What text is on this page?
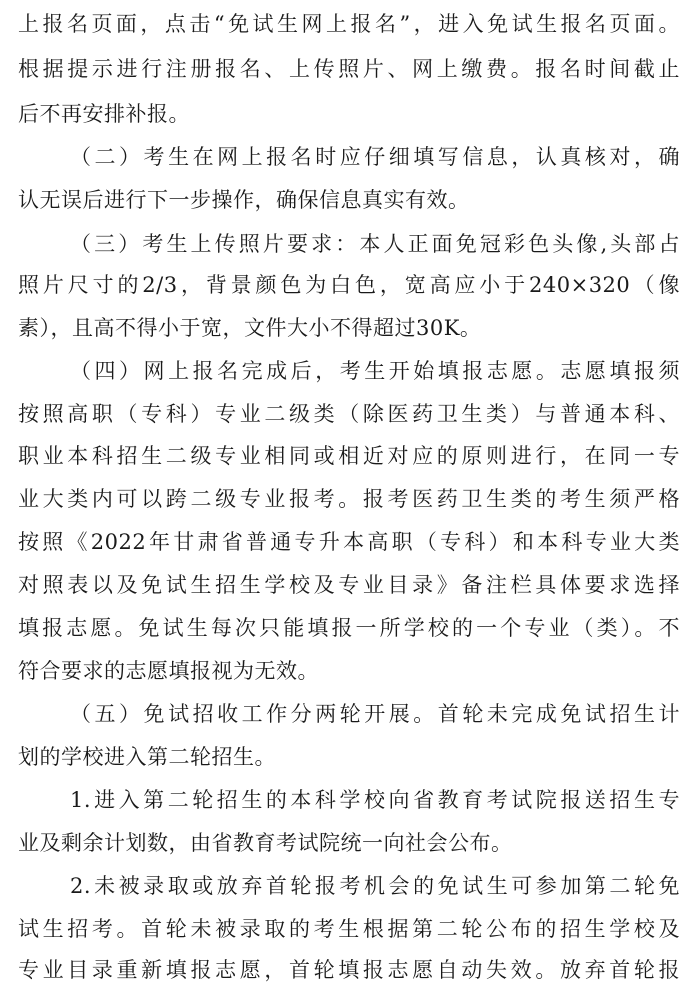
上报名页面，点击“免试生网上报名”，进入免试生报名页面。
根据提示进行注册报名、上传照片、网上缴费。报名时间截止
后不再安排补报。
（二）考生在网上报名时应仔细填写信息，认真核对，确
认无误后进行下一步操作，确保信息真实有效。
（三）考生上传照片要求：本人正面免冠彩色头像,头部占
照片尺寸的2/3，背景颜色为白色，宽高应小于240×320（像
素），且高不得小于宽，文件大小不得超过30K。
（四）网上报名完成后，考生开始填报志愿。志愿填报须
按照高职（专科）专业二级类（除医药卫生类）与普通本科、
职业本科招生二级专业相同或相近对应的原则进行，在同一专
业大类内可以跨二级专业报考。报考医药卫生类的考生须严格
按照《2022年甘肃省普通专升本高职（专科）和本科专业大类
对照表以及免试生招生学校及专业目录》备注栏具体要求选择
填报志愿。免试生每次只能填报一所学校的一个专业（类）。不
符合要求的志愿填报视为无效。
（五）免试招收工作分两轮开展。首轮未完成免试招生计
划的学校进入第二轮招生。
1.进入第二轮招生的本科学校向省教育考试院报送招生专
业及剩余计划数，由省教育考试院统一向社会公布。
2.未被录取或放弃首轮报考机会的免试生可参加第二轮免
试生招考。首轮未被录取的考生根据第二轮公布的招生学校及
专业目录重新填报志愿，首轮填报志愿自动失效。放弃首轮报
